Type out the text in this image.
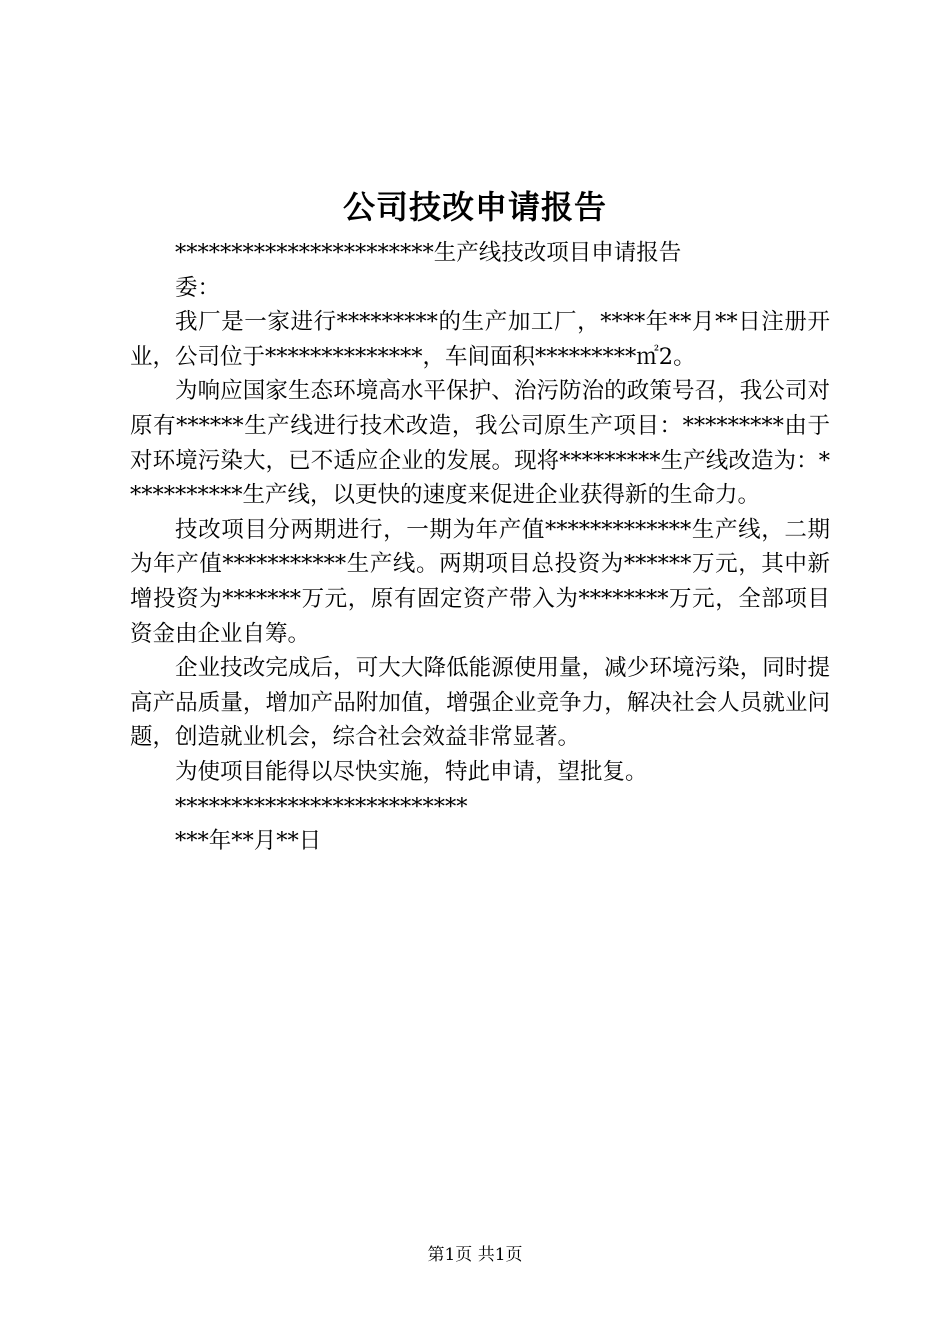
公司技改申请报告

***********************生产线技改项目申请报告

委：

我厂是一家进行*********的生产加工厂，****年**月**日注册开业，公司位于**************，车间面积*********㎡2。

为响应国家生态环境高水平保护、治污防治的政策号召，我公司对原有******生产线进行技术改造，我公司原生产项目：*********由于对环境污染大，已不适应企业的发展。现将*********生产线改造为：***********生产线，以更快的速度来促进企业获得新的生命力。

技改项目分两期进行，一期为年产值*************生产线，二期为年产值***********生产线。两期项目总投资为******万元，其中新增投资为*******万元，原有固定资产带入为********万元，全部项目资金由企业自筹。

企业技改完成后，可大大降低能源使用量，减少环境污染，同时提高产品质量，增加产品附加值，增强企业竞争力，解决社会人员就业问题，创造就业机会，综合社会效益非常显著。

为使项目能得以尽快实施，特此申请，望批复。

**************************

***年**月**日

第1页 共1页
